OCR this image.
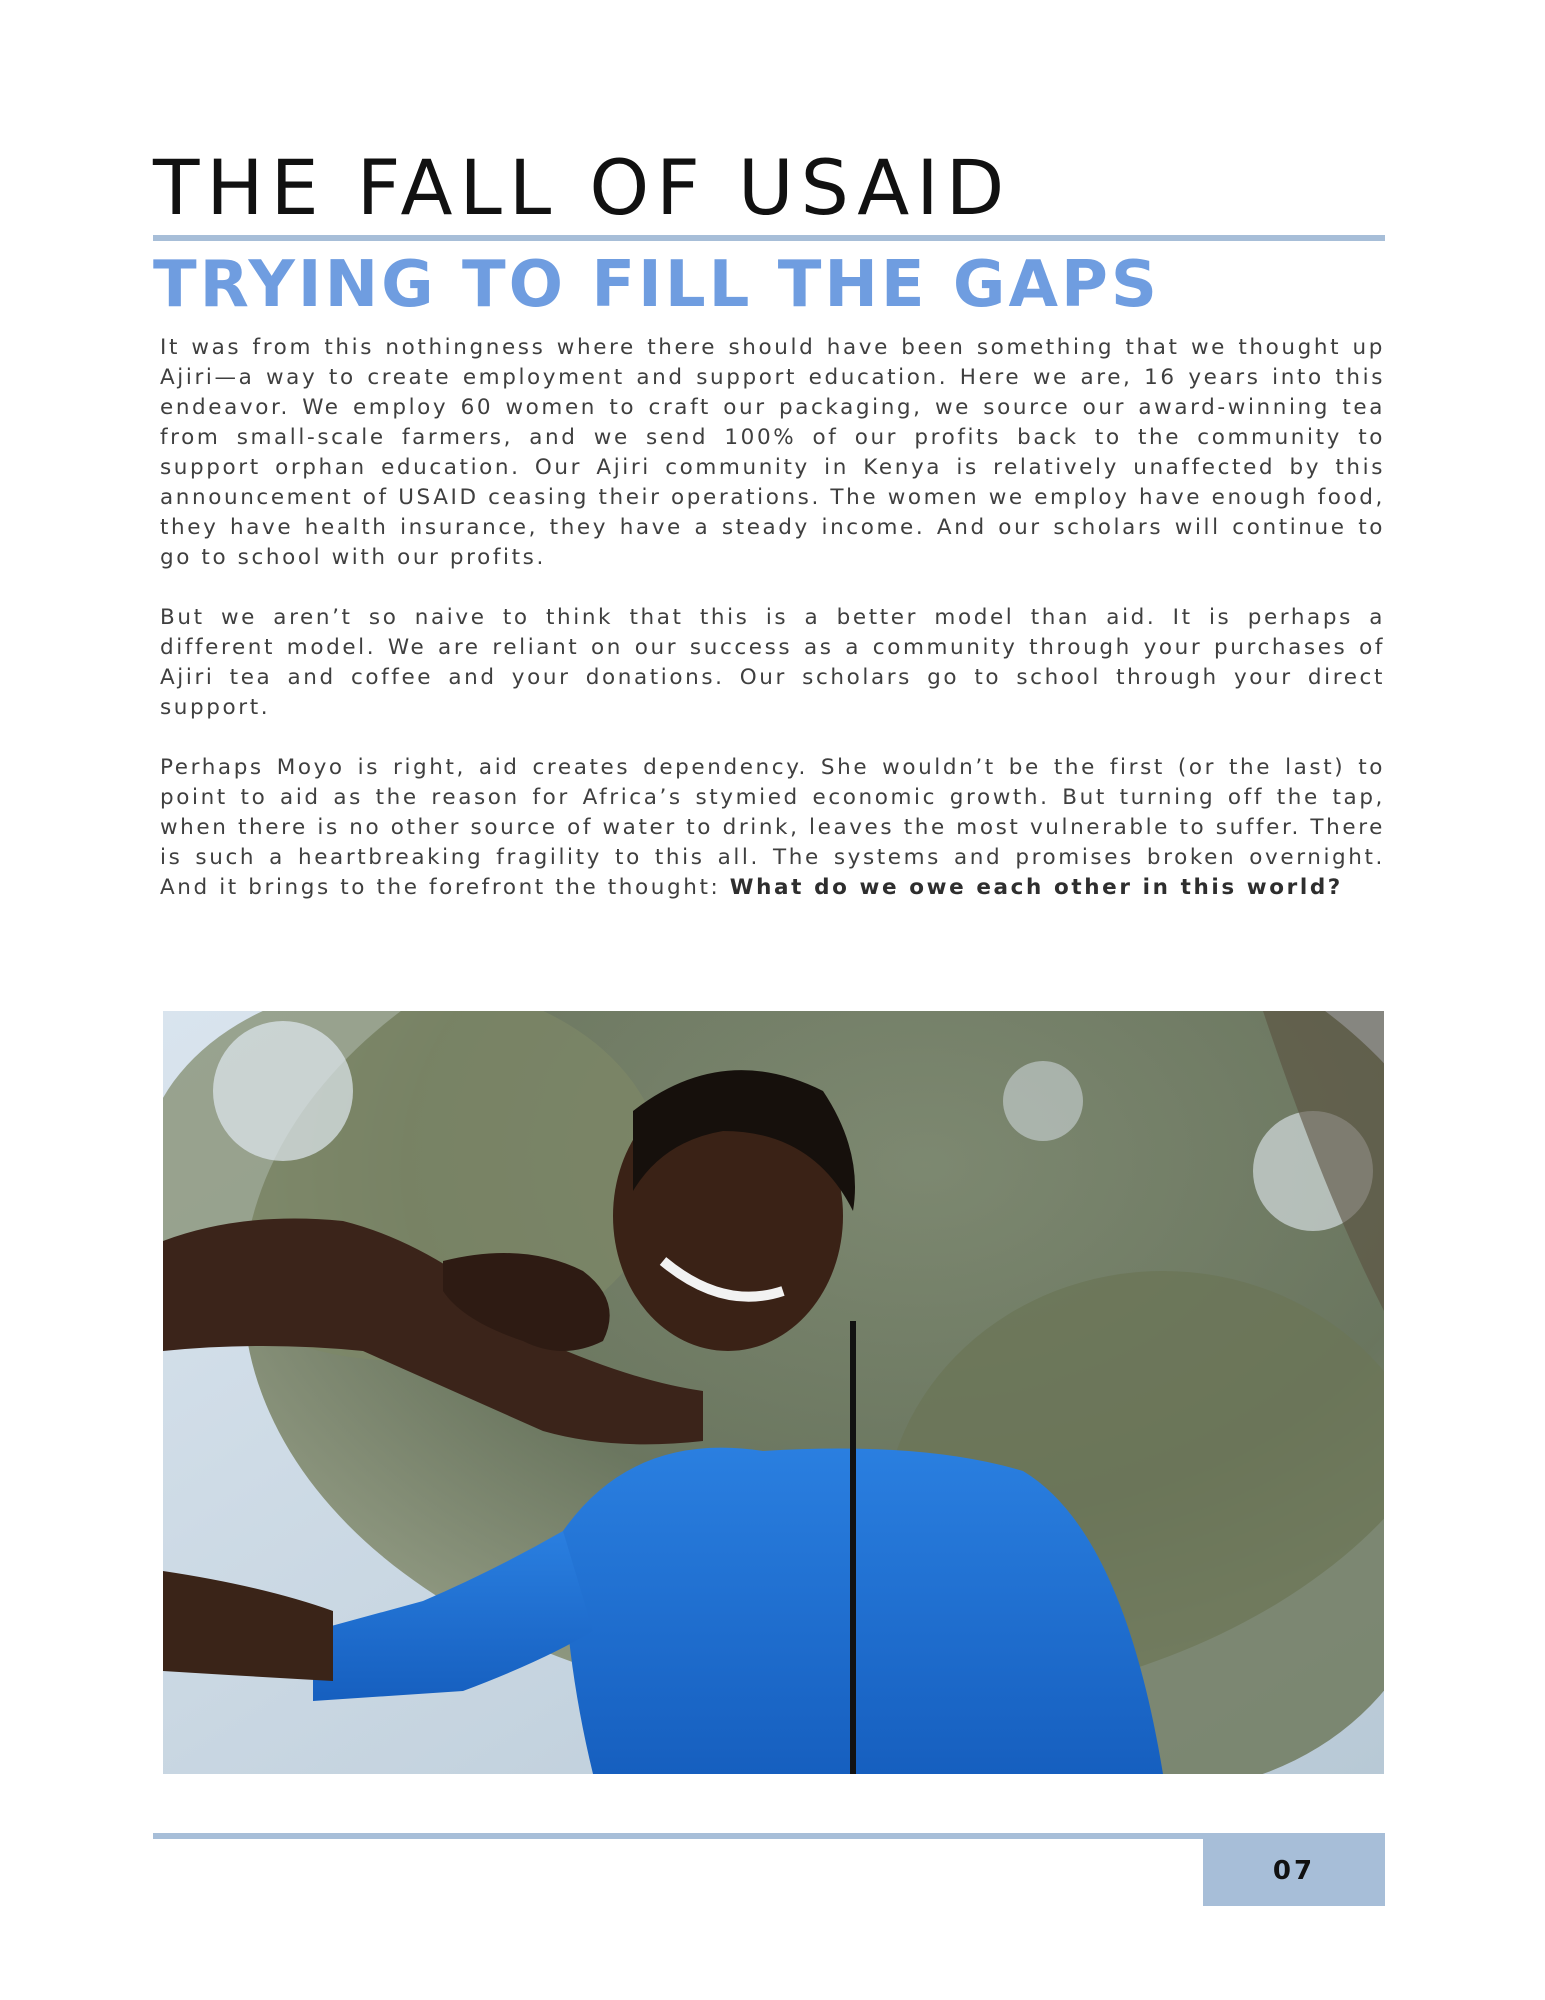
THE FALL OF USAID
TRYING TO FILL THE GAPS

It was from this nothingness where there should have been something that we thought up Ajiri—a way to create employment and support education. Here we are, 16 years into this endeavor. We employ 60 women to craft our packaging, we source our award-winning tea from small-scale farmers, and we send 100% of our profits back to the community to support orphan education. Our Ajiri community in Kenya is relatively unaffected by this announcement of USAID ceasing their operations. The women we employ have enough food, they have health insurance, they have a steady income. And our scholars will continue to go to school with our profits.

But we aren’t so naive to think that this is a better model than aid. It is perhaps a different model. We are reliant on our success as a community through your purchases of Ajiri tea and coffee and your donations. Our scholars go to school through your direct support.

Perhaps Moyo is right, aid creates dependency. She wouldn’t be the first (or the last) to point to aid as the reason for Africa’s stymied economic growth. But turning off the tap, when there is no other source of water to drink, leaves the most vulnerable to suffer. There is such a heartbreaking fragility to this all. The systems and promises broken overnight. And it brings to the forefront the thought: What do we owe each other in this world?

07
